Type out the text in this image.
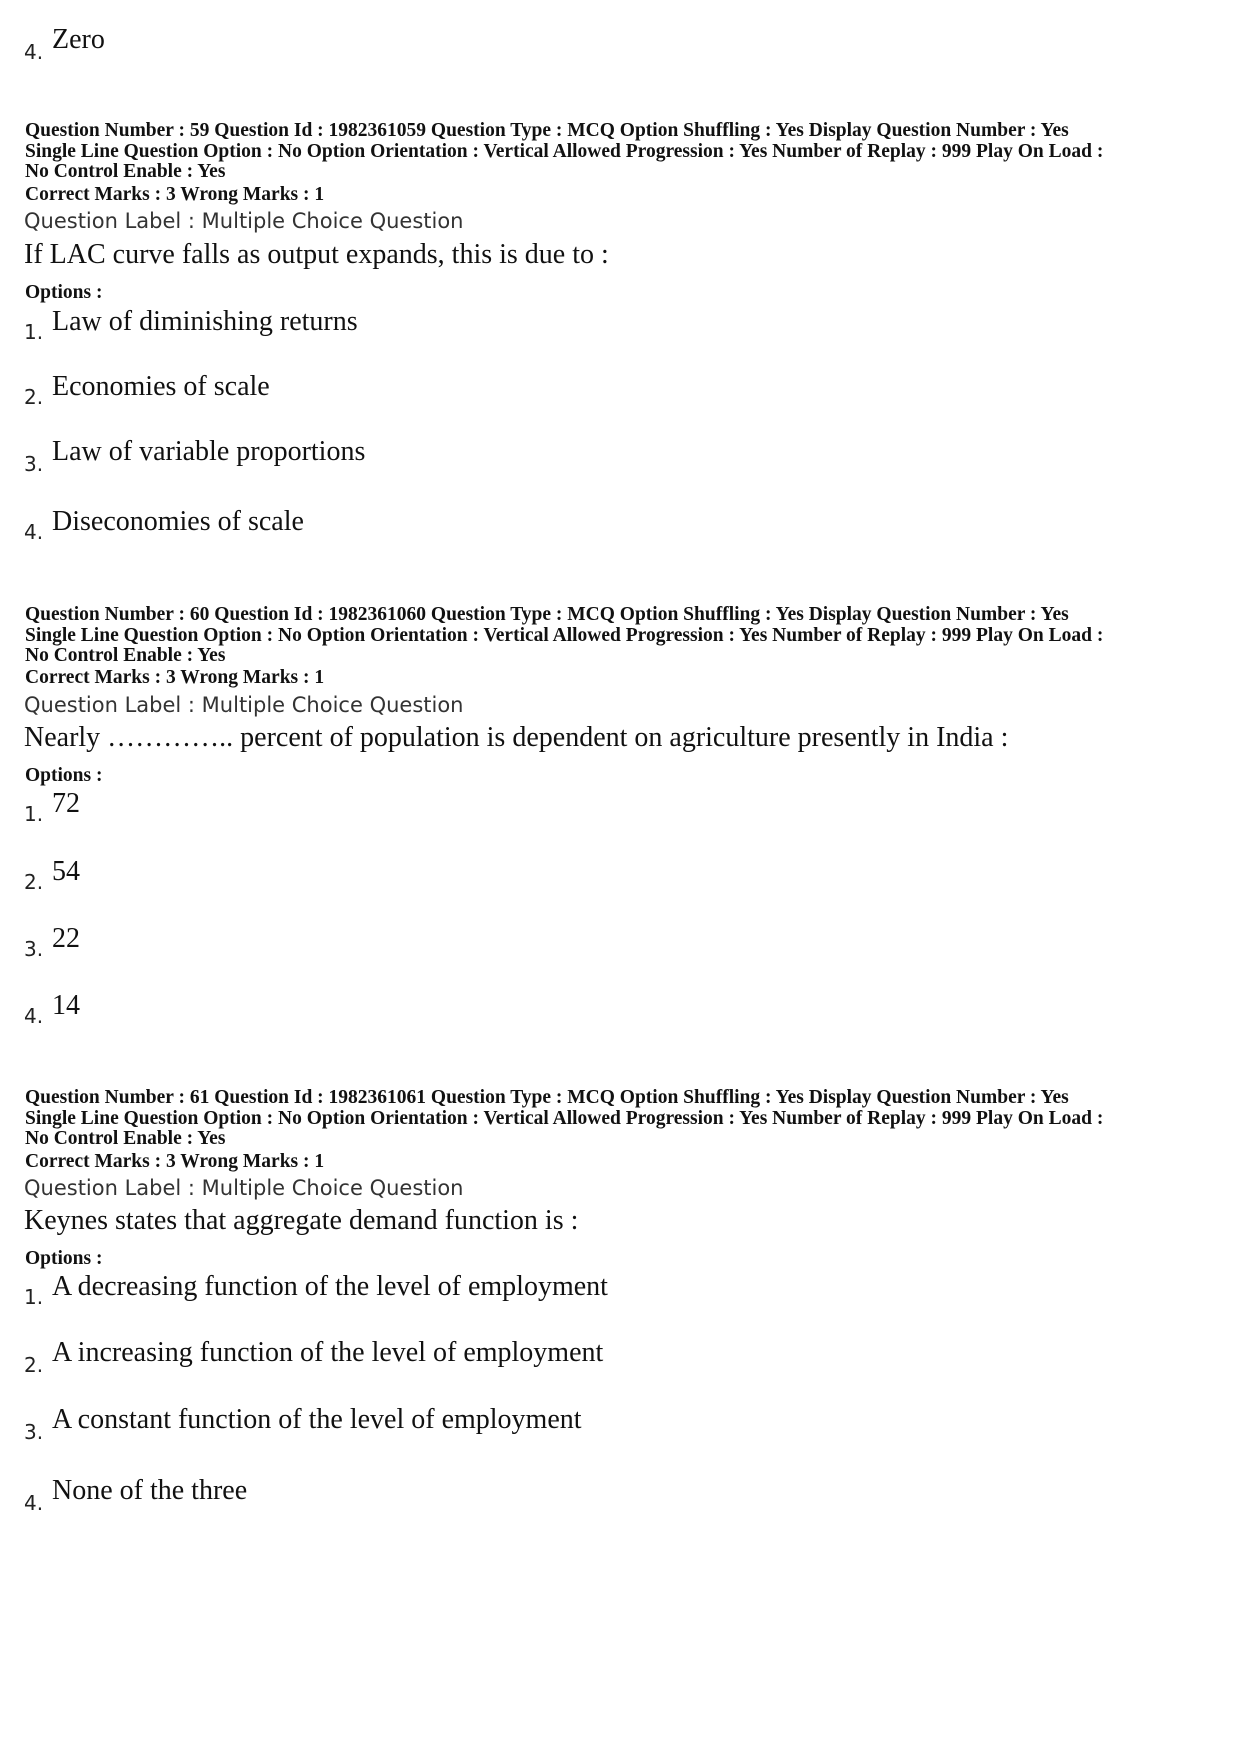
4. Zero
Question Number : 59 Question Id : 1982361059 Question Type : MCQ Option Shuffling : Yes Display Question Number : Yes
Single Line Question Option : No Option Orientation : Vertical Allowed Progression : Yes Number of Replay : 999 Play On Load :
No Control Enable : Yes
Correct Marks : 3 Wrong Marks : 1
Question Label : Multiple Choice Question
If LAC curve falls as output expands, this is due to :
Options :
1. Law of diminishing returns
2. Economies of scale
3. Law of variable proportions
4. Diseconomies of scale
Question Number : 60 Question Id : 1982361060 Question Type : MCQ Option Shuffling : Yes Display Question Number : Yes
Single Line Question Option : No Option Orientation : Vertical Allowed Progression : Yes Number of Replay : 999 Play On Load :
No Control Enable : Yes
Correct Marks : 3 Wrong Marks : 1
Question Label : Multiple Choice Question
Nearly ………….. percent of population is dependent on agriculture presently in India :
Options :
1. 72
2. 54
3. 22
4. 14
Question Number : 61 Question Id : 1982361061 Question Type : MCQ Option Shuffling : Yes Display Question Number : Yes
Single Line Question Option : No Option Orientation : Vertical Allowed Progression : Yes Number of Replay : 999 Play On Load :
No Control Enable : Yes
Correct Marks : 3 Wrong Marks : 1
Question Label : Multiple Choice Question
Keynes states that aggregate demand function is :
Options :
1. A decreasing function of the level of employment
2. A increasing function of the level of employment
3. A constant function of the level of employment
4. None of the three
